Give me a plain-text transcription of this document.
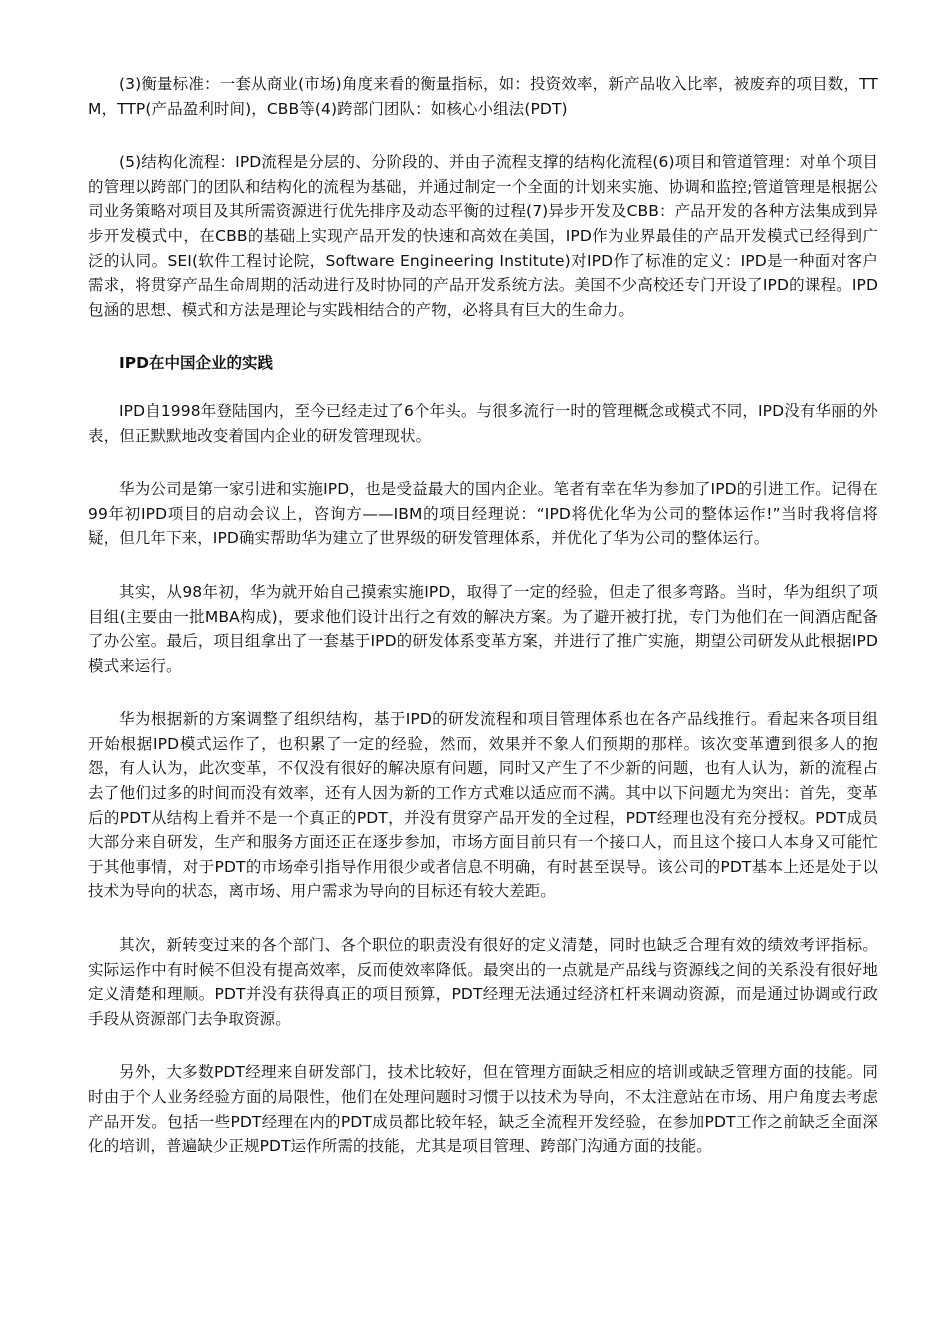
(3)衡量标准：一套从商业(市场)角度来看的衡量指标，如：投资效率，新产品收入比率，被废弃的项目数，TTM，TTP(产品盈利时间)，CBB等(4)跨部门团队：如核心小组法(PDT)

(5)结构化流程：IPD流程是分层的、分阶段的、并由子流程支撑的结构化流程(6)项目和管道管理：对单个项目的管理以跨部门的团队和结构化的流程为基础，并通过制定一个全面的计划来实施、协调和监控;管道管理是根据公司业务策略对项目及其所需资源进行优先排序及动态平衡的过程(7)异步开发及CBB：产品开发的各种方法集成到异步开发模式中，在CBB的基础上实现产品开发的快速和高效在美国，IPD作为业界最佳的产品开发模式已经得到广泛的认同。SEI(软件工程讨论院，Software Engineering Institute)对IPD作了标准的定义：IPD是一种面对客户需求，将贯穿产品生命周期的活动进行及时协同的产品开发系统方法。美国不少高校还专门开设了IPD的课程。IPD包涵的思想、模式和方法是理论与实践相结合的产物，必将具有巨大的生命力。

IPD在中国企业的实践

IPD自1998年登陆国内，至今已经走过了6个年头。与很多流行一时的管理概念或模式不同，IPD没有华丽的外表，但正默默地改变着国内企业的研发管理现状。

华为公司是第一家引进和实施IPD，也是受益最大的国内企业。笔者有幸在华为参加了IPD的引进工作。记得在99年初IPD项目的启动会议上，咨询方——IBM的项目经理说：“IPD将优化华为公司的整体运作!”当时我将信将疑，但几年下来，IPD确实帮助华为建立了世界级的研发管理体系，并优化了华为公司的整体运行。

其实，从98年初，华为就开始自己摸索实施IPD，取得了一定的经验，但走了很多弯路。当时，华为组织了项目组(主要由一批MBA构成)，要求他们设计出行之有效的解决方案。为了避开被打扰，专门为他们在一间酒店配备了办公室。最后，项目组拿出了一套基于IPD的研发体系变革方案，并进行了推广实施，期望公司研发从此根据IPD模式来运行。

华为根据新的方案调整了组织结构，基于IPD的研发流程和项目管理体系也在各产品线推行。看起来各项目组开始根据IPD模式运作了，也积累了一定的经验，然而，效果并不象人们预期的那样。该次变革遭到很多人的抱怨，有人认为，此次变革，不仅没有很好的解决原有问题，同时又产生了不少新的问题，也有人认为，新的流程占去了他们过多的时间而没有效率，还有人因为新的工作方式难以适应而不满。其中以下问题尤为突出：首先，变革后的PDT从结构上看并不是一个真正的PDT，并没有贯穿产品开发的全过程，PDT经理也没有充分授权。PDT成员大部分来自研发，生产和服务方面还正在逐步参加，市场方面目前只有一个接口人，而且这个接口人本身又可能忙于其他事情，对于PDT的市场牵引指导作用很少或者信息不明确，有时甚至误导。该公司的PDT基本上还是处于以技术为导向的状态，离市场、用户需求为导向的目标还有较大差距。

其次，新转变过来的各个部门、各个职位的职责没有很好的定义清楚，同时也缺乏合理有效的绩效考评指标。实际运作中有时候不但没有提高效率，反而使效率降低。最突出的一点就是产品线与资源线之间的关系没有很好地定义清楚和理顺。PDT并没有获得真正的项目预算，PDT经理无法通过经济杠杆来调动资源，而是通过协调或行政手段从资源部门去争取资源。

另外，大多数PDT经理来自研发部门，技术比较好，但在管理方面缺乏相应的培训或缺乏管理方面的技能。同时由于个人业务经验方面的局限性，他们在处理问题时习惯于以技术为导向，不太注意站在市场、用户角度去考虑产品开发。包括一些PDT经理在内的PDT成员都比较年轻，缺乏全流程开发经验，在参加PDT工作之前缺乏全面深化的培训，普遍缺少正规PDT运作所需的技能，尤其是项目管理、跨部门沟通方面的技能。
